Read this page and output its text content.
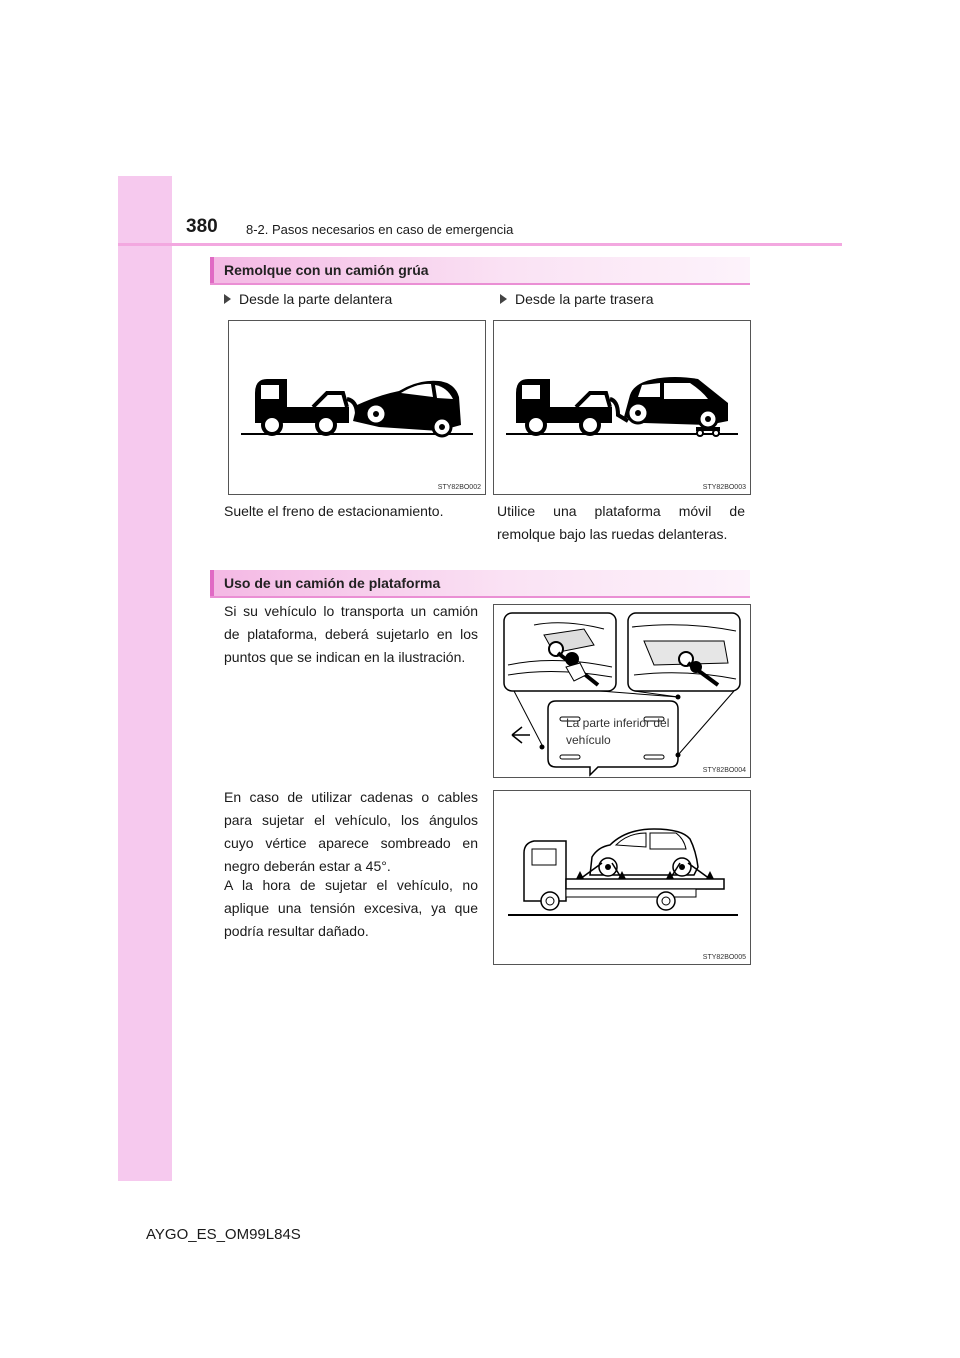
380 8-2. Pasos necesarios en caso de emergencia
Remolque con un camión grúa
Desde la parte delantera	Desde la parte trasera
STY82BO002	STY82BO003
Suelte el freno de estacionamiento.	Utilice una plataforma móvil de remolque bajo las ruedas delanteras.
Uso de un camión de plataforma
Si su vehículo lo transporta un camión de plataforma, deberá sujetarlo en los puntos que se indican en la ilustración.
La parte inferior del vehículo
STY82BO004
En caso de utilizar cadenas o cables para sujetar el vehículo, los ángulos cuyo vértice aparece sombreado en negro deberán estar a 45°.
A la hora de sujetar el vehículo, no aplique una tensión excesiva, ya que podría resultar dañado.
STY82BO005
AYGO_ES_OM99L84S
